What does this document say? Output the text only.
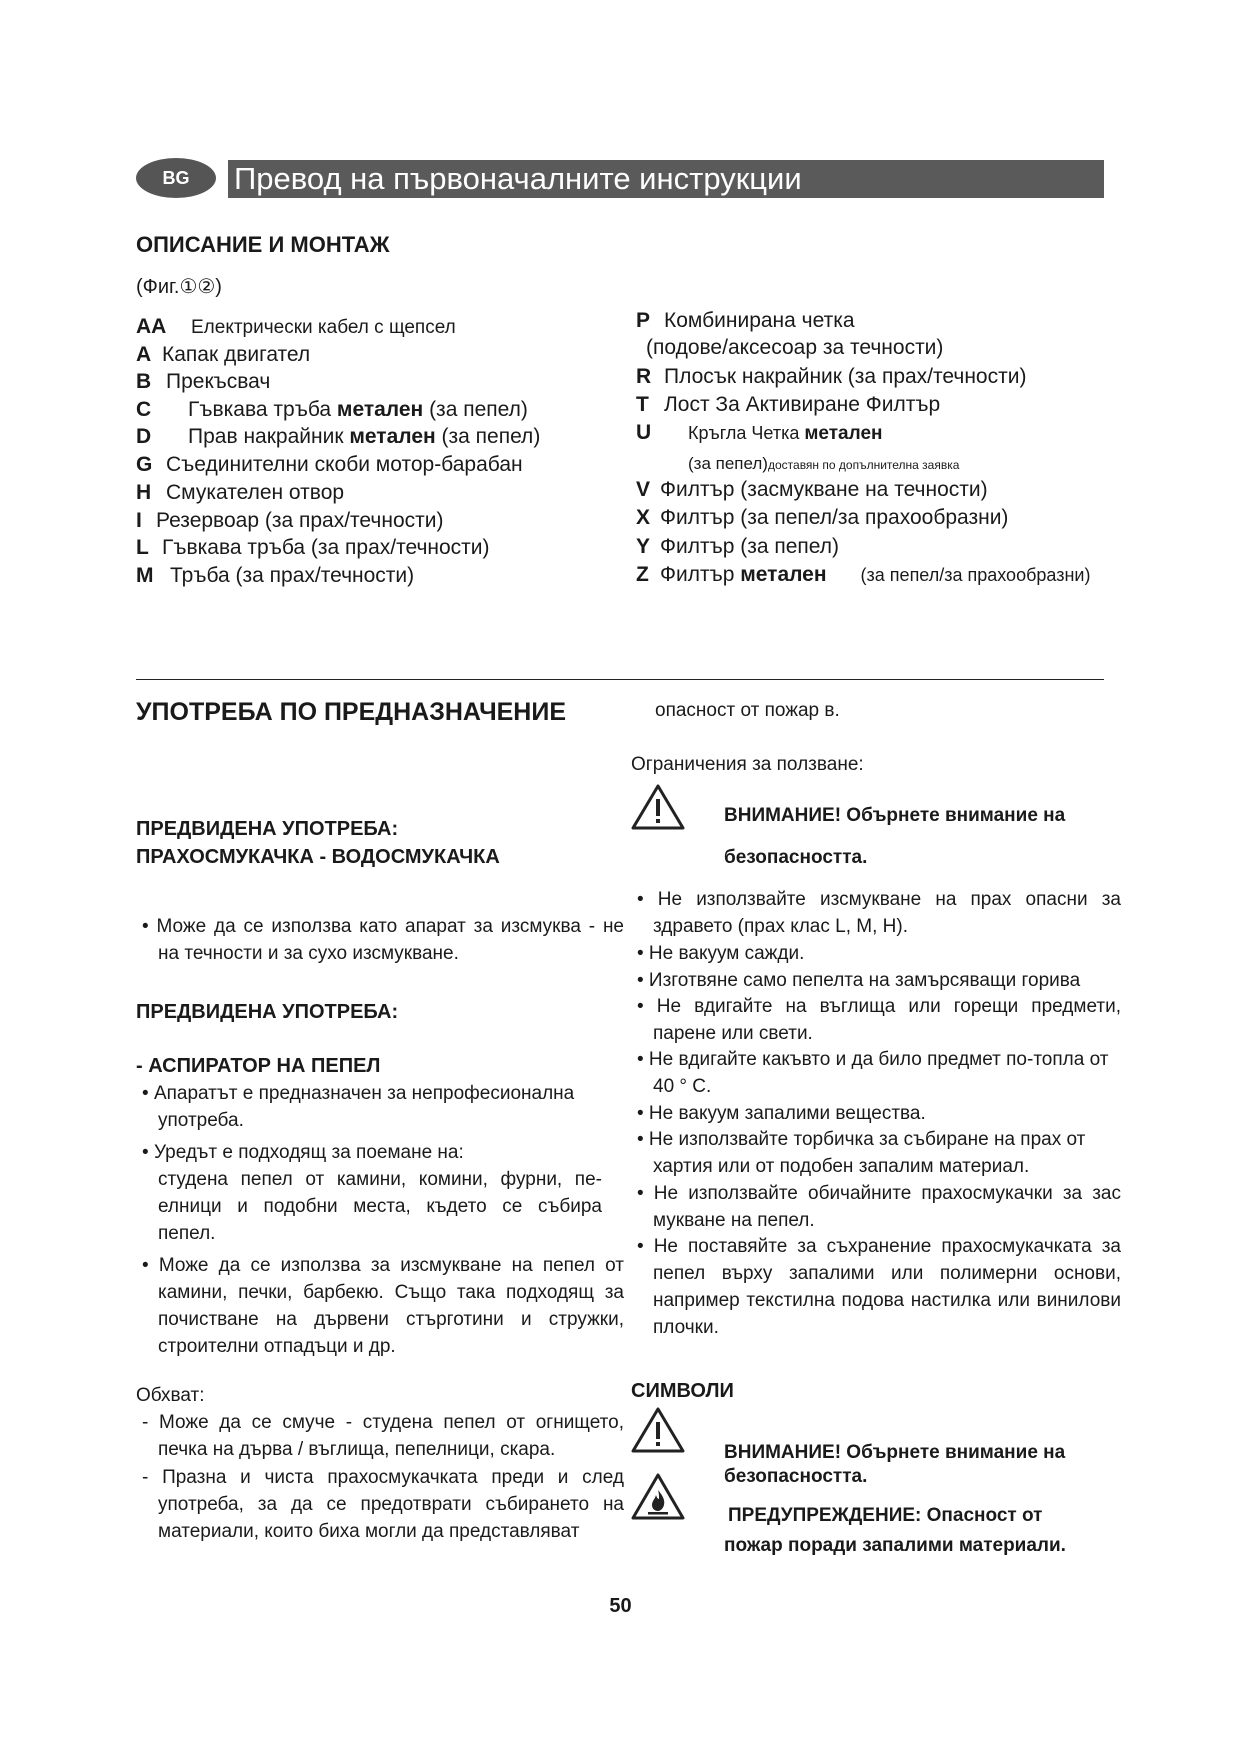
BG	Превод на първоначалните инструкции
ОПИСАНИЕ И МОНТАЖ
(Фиг.①②)
AA Електрически кабел с щепсел
A Капак двигател
B Прекъсвач
C Гъвкава тръба метален (за пепел)
D Прав накрайник метален (за пепел)
G Съединителни скоби мотор-барабан
H Смукателен отвор
I Резервоар (за прах/течности)
L Гъвкава тръба (за прах/течности)
M Тръба (за прах/течности)
P Комбинирана четка
(подове/аксесоар за течности)
R Плосък накрайник (за прах/течности)
T Лост За Активиране Филтър
U Кръгла Четка метален
(за пепел)доставян по допълнителна заявка
V Филтър (засмукване на течности)
X Филтър (за пепел/за прахообразни)
Y Филтър (за пепел)
Z Филтър метален (за пепел/за прахообразни)
УПОТРЕБА ПО ПРЕДНАЗНАЧЕНИЕ
ПРЕДВИДЕНА УПОТРЕБА:
ПРАХОСМУКАЧКА - ВОДОСМУКАЧКА
• Може да се използва като апарат за изсмуква - не на течности и за сухо изсмукване.
ПРЕДВИДЕНА УПОТРЕБА:
- АСПИРАТОР НА ПЕПЕЛ
• Апаратът е предназначен за непрофесионална употреба.
• Уредът е подходящ за поемане на:
студена пепел от камини, комини, фурни, пе-елници и подобни места, където се събира пепел.
• Може да се използва за изсмукване на пепел от камини, печки, барбекю. Също така подходящ за почистване на дървени стърготини и стружки, строителни отпадъци и др.
Обхват:
- Може да се смуче - студена пепел от огнището, печка на дърва / въглища, пепелници, скара.
- Празна и чиста прахосмукачката преди и след употреба, за да се предотврати събирането на материали, които биха могли да представляват
опасност от пожар в.
Ограничения за ползване:
ВНИМАНИЕ! Обърнете внимание на
безопасността.
• Не използвайте изсмукване на прах опасни за здравето (прах клас L, M, H).
• Не вакуум сажди.
• Изготвяне само пепелта на замърсяващи горива
• Не вдигайте на въглища или горещи предмети, парене или свети.
• Не вдигайте какъвто и да било предмет по-топла от 40 ° C.
• Не вакуум запалими вещества.
• Не използвайте торбичка за събиране на прах от хартия или от подобен запалим материал.
• Не използвайте обичайните прахосмукачки за зас мукване на пепел.
• Не поставяйте за съхранение прахосмукачката за пепел върху запалими или полимерни основи, например текстилна подова настилка или винилови плочки.
СИМВОЛИ
ВНИМАНИЕ! Обърнете внимание на
безопасността.
ПРЕДУПРЕЖДЕНИЕ: Опасност от
пожар поради запалими материали.
50
